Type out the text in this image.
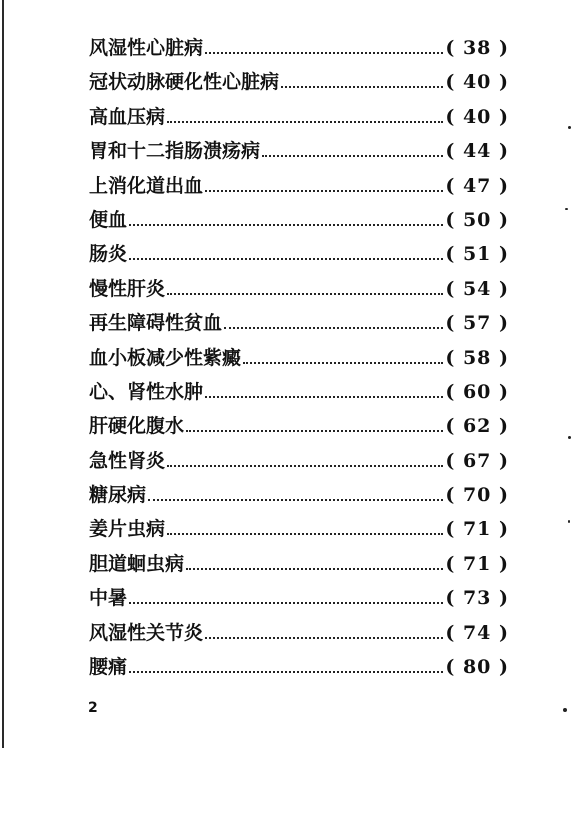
风湿性心脏病	( 38 )
冠状动脉硬化性心脏病	( 40 )
高血压病	( 40 )
胃和十二指肠溃疡病	( 44 )
上消化道出血	( 47 )
便血	( 50 )
肠炎	( 51 )
慢性肝炎	( 54 )
再生障碍性贫血	( 57 )
血小板减少性紫癜	( 58 )
心、肾性水肿	( 60 )
肝硬化腹水	( 62 )
急性肾炎	( 67 )
糖尿病	( 70 )
姜片虫病	( 71 )
胆道蛔虫病	( 71 )
中暑	( 73 )
风湿性关节炎	( 74 )
腰痛	( 80 )
2
